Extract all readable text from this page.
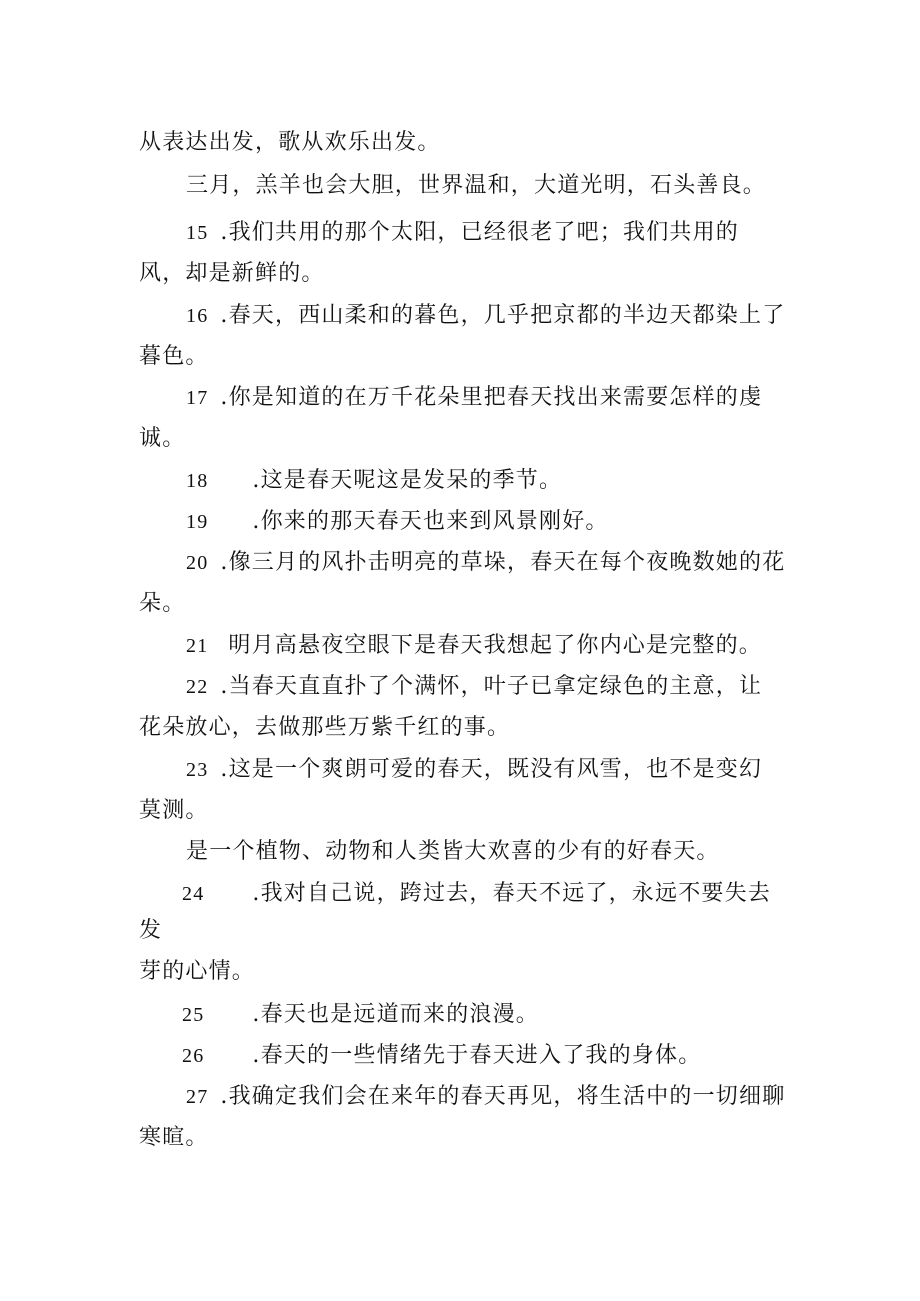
从表达出发，歌从欢乐出发。
三月，羔羊也会大胆，世界温和，大道光明，石头善良。
15 .我们共用的那个太阳，已经很老了吧；我们共用的
风，却是新鲜的。
16 .春天，西山柔和的暮色，几乎把京都的半边天都染上了
暮色。
17 .你是知道的在万千花朵里把春天找出来需要怎样的虔
诚。
18 .这是春天呢这是发呆的季节。
19 .你来的那天春天也来到风景刚好。
20 .像三月的风扑击明亮的草垛，春天在每个夜晚数她的花
朵。
21 明月高悬夜空眼下是春天我想起了你内心是完整的。
22 .当春天直直扑了个满怀，叶子已拿定绿色的主意，让
花朵放心，去做那些万紫千红的事。
23 .这是一个爽朗可爱的春天，既没有风雪，也不是变幻
莫测。
是一个植物、动物和人类皆大欢喜的少有的好春天。
24 .我对自己说，跨过去，春天不远了，永远不要失去
发
芽的心情。
25 .春天也是远道而来的浪漫。
26 .春天的一些情绪先于春天进入了我的身体。
27 .我确定我们会在来年的春天再见，将生活中的一切细聊
寒暄。
